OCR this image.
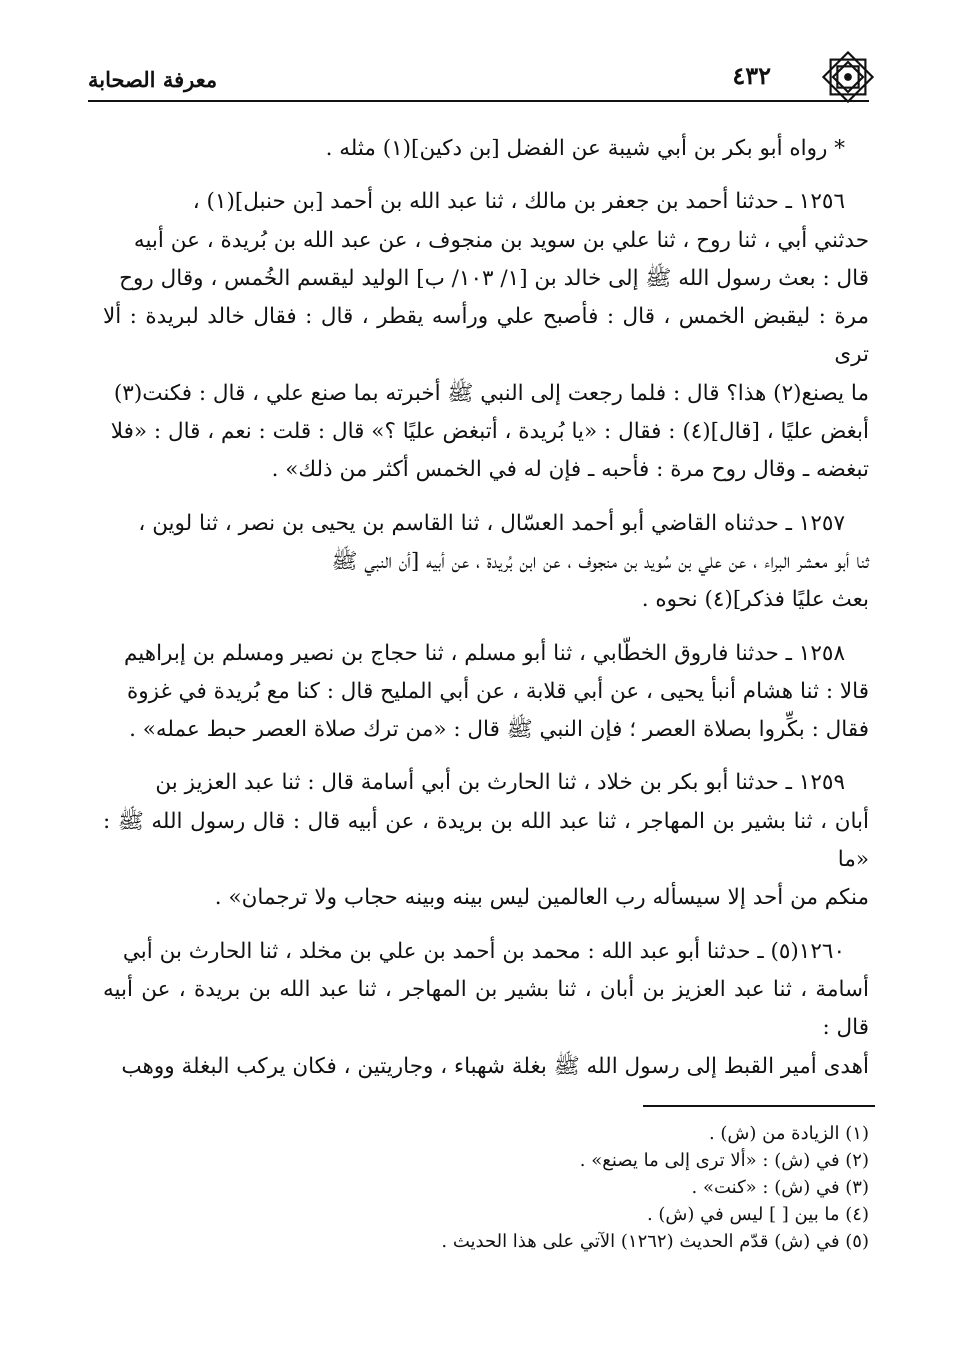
معرفة الصحابة	٤٣٢
* رواه أبو بكر بن أبي شيبة عن الفضل [بن دكين](١) مثله .
١٢٥٦ ـ حدثنا أحمد بن جعفر بن مالك ، ثنا عبد الله بن أحمد [بن حنبل](١) ،
حدثني أبي ، ثنا روح ، ثنا علي بن سويد بن منجوف ، عن عبد الله بن بُريدة ، عن أبيه
قال : بعث رسول الله ﷺ إلى خالد بن [١/ ١٠٣/ ب] الوليد ليقسم الخُمس ، وقال روح
مرة : ليقبض الخمس ، قال : فأصبح علي ورأسه يقطر ، قال : فقال خالد لبريدة : ألا ترى
ما يصنع(٢) هذا؟ قال : فلما رجعت إلى النبي ﷺ أخبرته بما صنع علي ، قال : فكنت(٣)
أبغض عليًا ، [قال](٤) : فقال : «يا بُريدة ، أتبغض عليًا ؟» قال : قلت : نعم ، قال : «فلا
تبغضه ـ وقال روح مرة : فأحبه ـ فإن له في الخمس أكثر من ذلك» .
١٢٥٧ ـ حدثناه القاضي أبو أحمد العسّال ، ثنا القاسم بن يحيى بن نصر ، ثنا لوين ،
ثنا أبو معشر البراء ، عن علي بن سُويد بن منجوف ، عن ابن بُريدة ، عن أبيه [أن النبي ﷺ
بعث عليًا فذكر](٤) نحوه .
١٢٥٨ ـ حدثنا فاروق الخطّابي ، ثنا أبو مسلم ، ثنا حجاج بن نصير ومسلم بن إبراهيم
قالا : ثنا هشام أنبأ يحيى ، عن أبي قلابة ، عن أبي المليح قال : كنا مع بُريدة في غزوة
فقال : بكِّروا بصلاة العصر ؛ فإن النبي ﷺ قال : «من ترك صلاة العصر حبط عمله» .
١٢٥٩ ـ حدثنا أبو بكر بن خلاد ، ثنا الحارث بن أبي أسامة قال : ثنا عبد العزيز بن
أبان ، ثنا بشير بن المهاجر ، ثنا عبد الله بن بريدة ، عن أبيه قال : قال رسول الله ﷺ : «ما
منكم من أحد إلا سيسأله رب العالمين ليس بينه وبينه حجاب ولا ترجمان» .
١٢٦٠(٥) ـ حدثنا أبو عبد الله : محمد بن أحمد بن علي بن مخلد ، ثنا الحارث بن أبي
أسامة ، ثنا عبد العزيز بن أبان ، ثنا بشير بن المهاجر ، ثنا عبد الله بن بريدة ، عن أبيه قال :
أهدى أمير القبط إلى رسول الله ﷺ بغلة شهباء ، وجاريتين ، فكان يركب البغلة ووهب
(١) الزيادة من (ش) .
(٢) في (ش) : «ألا ترى إلى ما يصنع» .
(٣) في (ش) : «كنت» .
(٤) ما بين [ ] ليس في (ش) .
(٥) في (ش) قدّم الحديث (١٢٦٢) الآتي على هذا الحديث .
